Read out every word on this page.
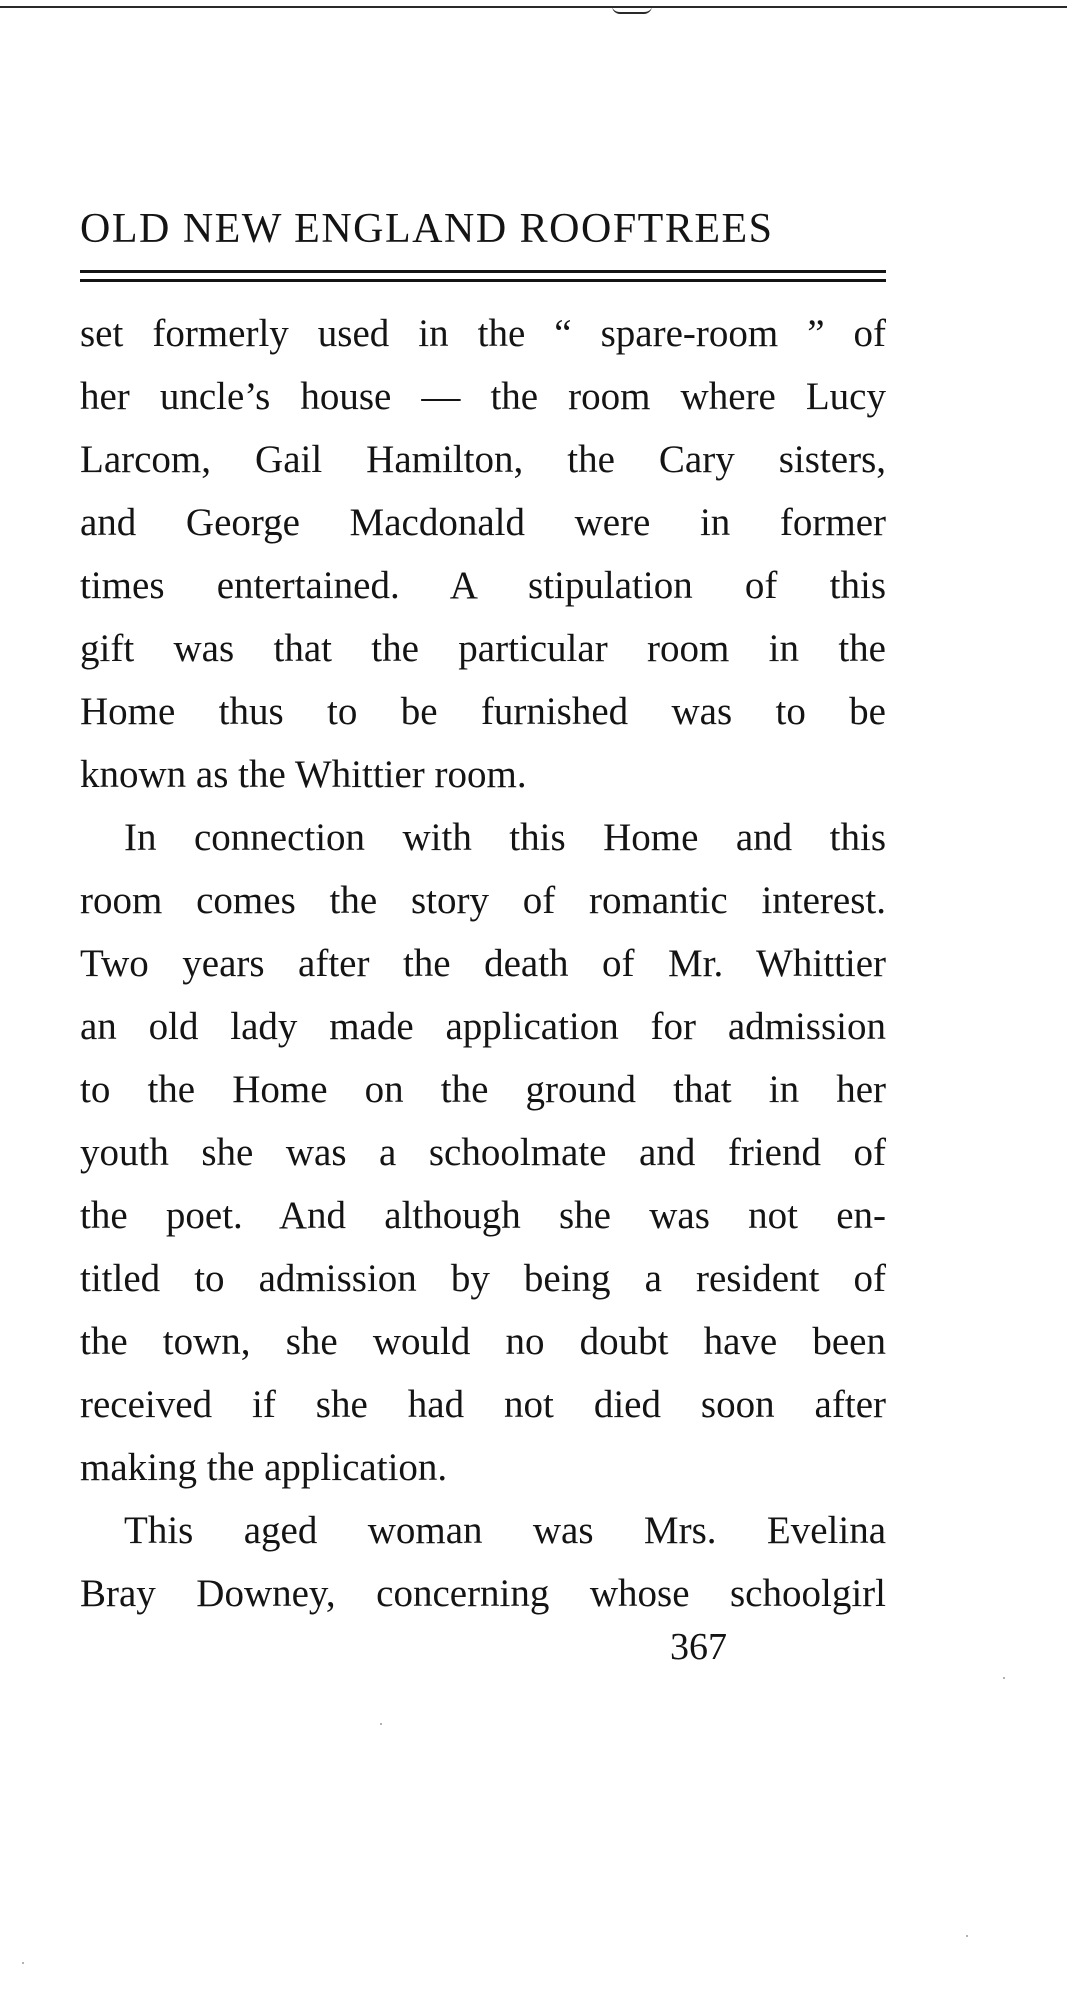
OLD NEW ENGLAND ROOFTREES
set formerly used in the “ spare-room ” of
her uncle’s house — the room where Lucy
Larcom, Gail Hamilton, the Cary sisters,
and George Macdonald were in former
times entertained. A stipulation of this
gift was that the particular room in the
Home thus to be furnished was to be
known as the Whittier room.
In connection with this Home and this
room comes the story of romantic interest.
Two years after the death of Mr. Whittier
an old lady made application for admission
to the Home on the ground that in her
youth she was a schoolmate and friend of
the poet. And although she was not en-
titled to admission by being a resident of
the town, she would no doubt have been
received if she had not died soon after
making the application.
This aged woman was Mrs. Evelina
Bray Downey, concerning whose schoolgirl
367
